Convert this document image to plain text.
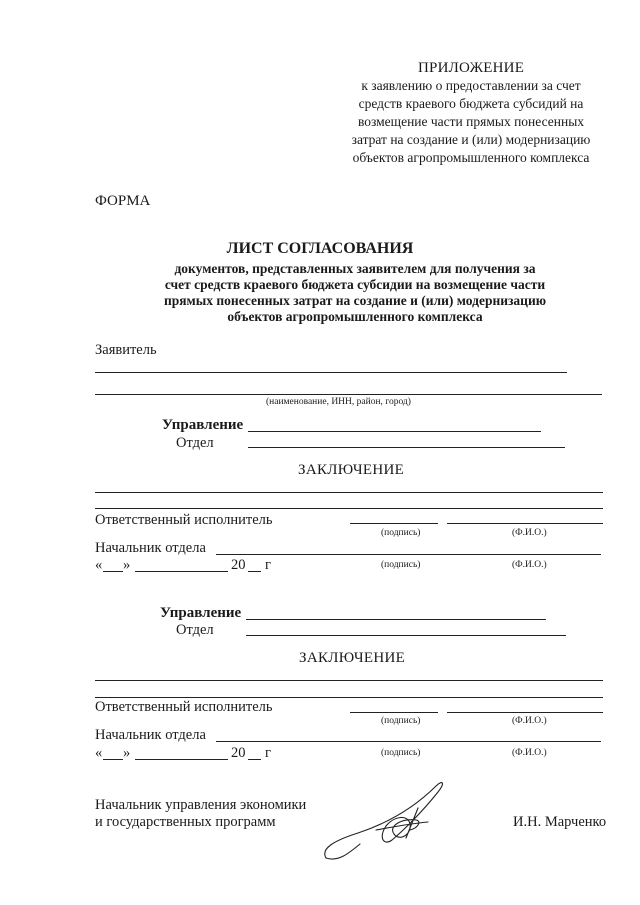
ПРИЛОЖЕНИЕ
к заявлению о предоставлении за счет
средств краевого бюджета субсидий на
возмещение части прямых понесенных
затрат на создание и (или) модернизацию
объектов агропромышленного комплекса
ФОРМА
ЛИСТ СОГЛАСОВАНИЯ
документов, представленных заявителем для получения за
счет средств краевого бюджета субсидии на возмещение части
прямых понесенных затрат на создание и (или) модернизацию
объектов агропромышленного комплекса
Заявитель
(наименование, ИНН, район, город)
Управление
Отдел
ЗАКЛЮЧЕНИЕ
Ответственный исполнитель
(подпись)	(Ф.И.О.)
Начальник отдела
« »	20 г	(подпись)	(Ф.И.О.)
Управление
Отдел
ЗАКЛЮЧЕНИЕ
Ответственный исполнитель
(подпись)	(Ф.И.О.)
Начальник отдела
« »	20 г	(подпись)	(Ф.И.О.)
Начальник управления экономики
и государственных программ	И.Н. Марченко
